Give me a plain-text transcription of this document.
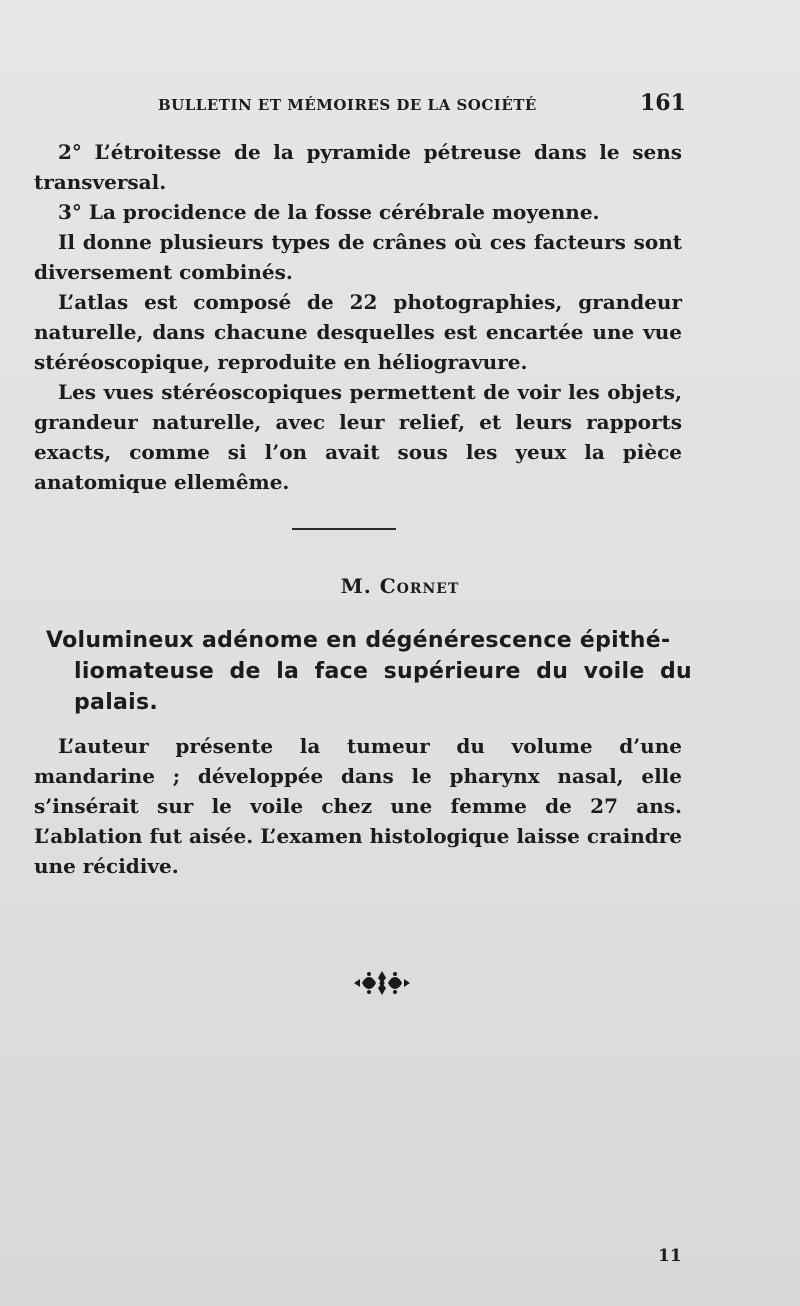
BULLETIN ET MÉMOIRES DE LA SOCIÉTÉ	161

2° L’étroitesse de la pyramide pétreuse dans le sens transversal.

3° La procidence de la fosse cérébrale moyenne.

Il donne plusieurs types de crânes où ces facteurs sont diversement combinés.

L’atlas est composé de 22 photographies, grandeur naturelle, dans chacune desquelles est encartée une vue stéréoscopique, reproduite en héliogravure.

Les vues stéréoscopiques permettent de voir les objets, grandeur naturelle, avec leur relief, et leurs rapports exacts, comme si l’on avait sous les yeux la pièce anatomique ellemême.

M. Cornet
Volumineux adénome en dégénérescence épithé-
liomateuse de la face supérieure du voile du palais.

L’auteur présente la tumeur du volume d’une mandarine ; développée dans le pharynx nasal, elle s’insérait sur le voile chez une femme de 27 ans. L’ablation fut aisée. L’examen histologique laisse craindre une récidive.

11
